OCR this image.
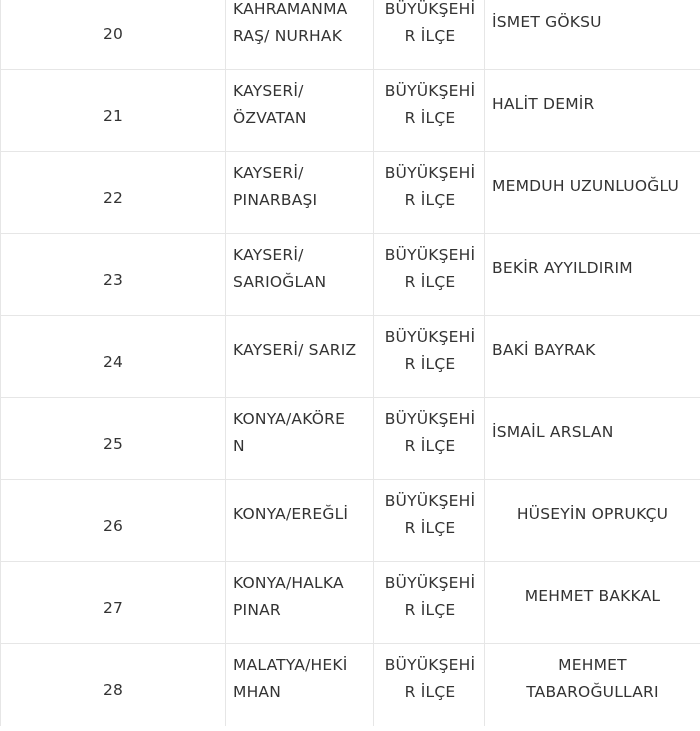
20
KAHRAMANMA
RAŞ/ NURHAK
BÜYÜKŞEHİ
R İLÇE
İSMET GÖKSU
21
KAYSERİ/
ÖZVATAN
BÜYÜKŞEHİ
R İLÇE
HALİT DEMİR
22
KAYSERİ/
PINARBAŞI
BÜYÜKŞEHİ
R İLÇE
MEMDUH UZUNLUOĞLU
23
KAYSERİ/
SARIOĞLAN
BÜYÜKŞEHİ
R İLÇE
BEKİR AYYILDIRIM
24
KAYSERİ/ SARIZ
BÜYÜKŞEHİ
R İLÇE
BAKİ BAYRAK
25
KONYA/AKÖRE
N
BÜYÜKŞEHİ
R İLÇE
İSMAİL ARSLAN
26
KONYA/EREĞLİ
BÜYÜKŞEHİ
R İLÇE
HÜSEYİN OPRUKÇU
27
KONYA/HALKA
PINAR
BÜYÜKŞEHİ
R İLÇE
MEHMET BAKKAL
28
MALATYA/HEKİ
MHAN
BÜYÜKŞEHİ
R İLÇE
MEHMET
TABAROĞULLARI
